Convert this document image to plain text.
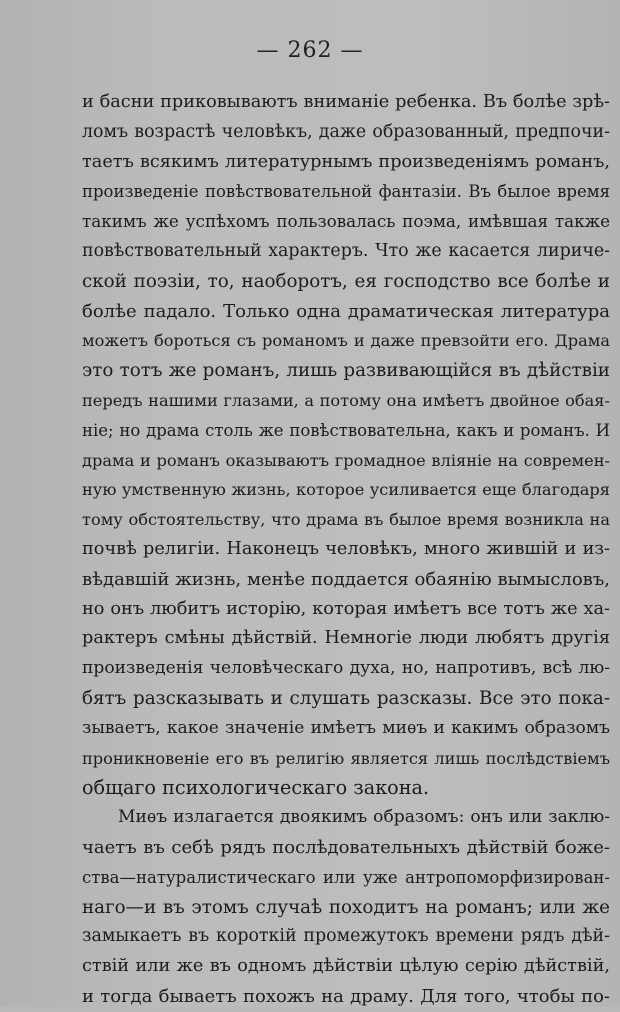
— 262 —
и басни приковываютъ вниманіе ребенка. Въ болѣе зрѣ-
ломъ возрастѣ человѣкъ, даже образованный, предпочи-
таетъ всякимъ литературнымъ произведеніямъ романъ,
произведеніе повѣствовательной фантазіи. Въ былое время
такимъ же успѣхомъ пользовалась поэма, имѣвшая также
повѣствовательный характеръ. Что же касается лириче-
ской поэзіи, то, наоборотъ, ея господство все болѣе и
болѣе падало. Только одна драматическая литература
можетъ бороться съ романомъ и даже превзойти его. Драма
это тотъ же романъ, лишь развивающійся въ дѣйствіи
передъ нашими глазами, а потому она имѣетъ двойное обая-
ніе; но драма столь же повѣствовательна, какъ и романъ. И
драма и романъ оказываютъ громадное вліяніе на современ-
ную умственную жизнь, которое усиливается еще благодаря
тому обстоятельству, что драма въ былое время возникла на
почвѣ религіи. Наконецъ человѣкъ, много жившій и из-
вѣдавшій жизнь, менѣе поддается обаянію вымысловъ,
но онъ любитъ исторію, которая имѣетъ все тотъ же ха-
рактеръ смѣны дѣйствій. Немногіе люди любятъ другія
произведенія человѣческаго духа, но, напротивъ, всѣ лю-
бятъ разсказывать и слушать разсказы. Все это пока-
зываетъ, какое значеніе имѣетъ миѳъ и какимъ образомъ
проникновеніе его въ религію является лишь послѣдствіемъ
общаго психологическаго закона.
Миѳъ излагается двоякимъ образомъ: онъ или заклю-
чаетъ въ себѣ рядъ послѣдовательныхъ дѣйствій боже-
ства—натуралистическаго или уже антропоморфизирован-
наго—и въ этомъ случаѣ походитъ на романъ; или же
замыкаетъ въ короткій промежутокъ времени рядъ дѣй-
ствій или же въ одномъ дѣйствіи цѣлую серію дѣйствій,
и тогда бываетъ похожъ на драму. Для того, чтобы по-
